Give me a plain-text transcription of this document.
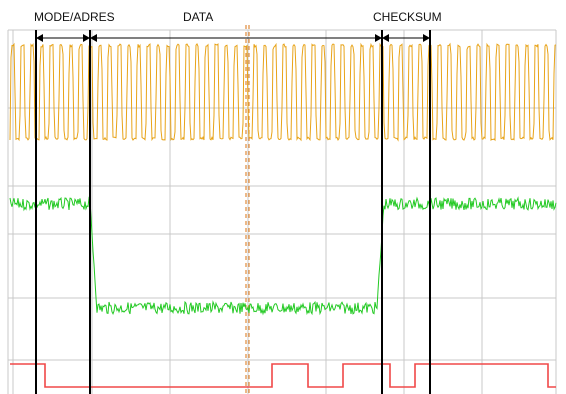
MODE/ADRES	DATA	CHECKSUM
